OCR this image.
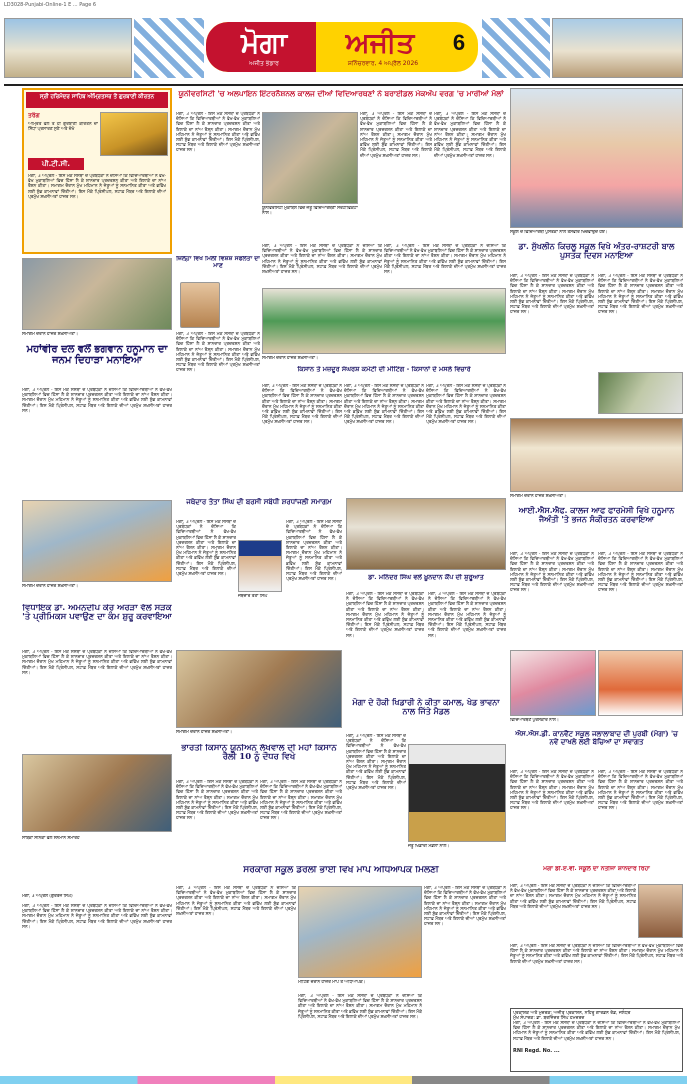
LD3028-Punjabi-Online-1 E ... Page 6
ਮੋਗਾ	ਅਜੀਤ
ਅਜੀਤ ਭੰਡਾਰ	ਸ਼ਨਿੱਚਰਵਾਰ, 4 ਅਪ੍ਰੈਲ 2026
6
ਸ੍ਰੀ ਹਰਿਮੰਦਰ ਸਾਹਿਬ ਅੰਮ੍ਰਿਤਸਰ ਤੋਂ ਗੁਰਬਾਣੀ ਕੀਰਤਨ
ਤਰੰਗ
ਅੰਮ੍ਰਿਤ ਵੇਲੇ ਤੋਂ ਹੀ ਗੁਰਬਾਣੀ ਕੀਰਤਨ ਦਾ ਸਿੱਧਾ ਪ੍ਰਸਾਰਣ ਸੁਣੋ ਅਤੇ ਦੇਖੋ
ਪੀ.ਟੀ.ਸੀ.
ਮੋਗਾ, 3 ਅਪ੍ਰੈਲ - ਇਸ ਮੌਕੇ ਸੰਸਥਾ ਦੇ ਪ੍ਰਬੰਧਕਾਂ ਨੇ ਦੱਸਿਆ ਕਿ ਵਿਦਿਆਰਥੀਆਂ ਨੇ ਵੱਖ-ਵੱਖ ਮੁਕਾਬਲਿਆਂ ਵਿਚ ਹਿੱਸਾ ਲੈ ਕੇ ਸ਼ਾਨਦਾਰ ਪ੍ਰਦਰਸ਼ਨ ਕੀਤਾ ਅਤੇ ਇਲਾਕੇ ਦਾ ਨਾਂਅ ਰੌਸ਼ਨ ਕੀਤਾ। ਸਮਾਗਮ ਦੌਰਾਨ ਮੁੱਖ ਮਹਿਮਾਨ ਨੇ ਜੇਤੂਆਂ ਨੂੰ ਸਨਮਾਨਿਤ ਕੀਤਾ ਅਤੇ ਭਵਿੱਖ ਲਈ ਸ਼ੁੱਭ ਕਾਮਨਾਵਾਂ ਦਿੱਤੀਆਂ। ਇਸ ਮੌਕੇ ਪ੍ਰਿੰਸੀਪਲ, ਸਟਾਫ਼ ਮੈਂਬਰ ਅਤੇ ਇਲਾਕੇ ਦੀਆਂ ਪ੍ਰਮੁੱਖ ਸ਼ਖ਼ਸੀਅਤਾਂ ਹਾਜ਼ਰ ਸਨ।
ਸਮਾਗਮ ਦੌਰਾਨ ਹਾਜ਼ਰ ਸ਼ਖ਼ਸੀਅਤਾਂ।
ਮਹਾਂਵੀਰ ਦਲ ਵਲੋਂ ਭਗਵਾਨ ਹਨੂਮਾਨ ਦਾ ਜਨਮ ਦਿਹਾੜਾ ਮਨਾਇਆ
ਮੋਗਾ, 3 ਅਪ੍ਰੈਲ - ਇਸ ਮੌਕੇ ਸੰਸਥਾ ਦੇ ਪ੍ਰਬੰਧਕਾਂ ਨੇ ਦੱਸਿਆ ਕਿ ਵਿਦਿਆਰਥੀਆਂ ਨੇ ਵੱਖ-ਵੱਖ ਮੁਕਾਬਲਿਆਂ ਵਿਚ ਹਿੱਸਾ ਲੈ ਕੇ ਸ਼ਾਨਦਾਰ ਪ੍ਰਦਰਸ਼ਨ ਕੀਤਾ ਅਤੇ ਇਲਾਕੇ ਦਾ ਨਾਂਅ ਰੌਸ਼ਨ ਕੀਤਾ। ਸਮਾਗਮ ਦੌਰਾਨ ਮੁੱਖ ਮਹਿਮਾਨ ਨੇ ਜੇਤੂਆਂ ਨੂੰ ਸਨਮਾਨਿਤ ਕੀਤਾ ਅਤੇ ਭਵਿੱਖ ਲਈ ਸ਼ੁੱਭ ਕਾਮਨਾਵਾਂ ਦਿੱਤੀਆਂ। ਇਸ ਮੌਕੇ ਪ੍ਰਿੰਸੀਪਲ, ਸਟਾਫ਼ ਮੈਂਬਰ ਅਤੇ ਇਲਾਕੇ ਦੀਆਂ ਪ੍ਰਮੁੱਖ ਸ਼ਖ਼ਸੀਅਤਾਂ ਹਾਜ਼ਰ ਸਨ।
ਸਮਾਗਮ ਦੌਰਾਨ ਹਾਜ਼ਰ ਸ਼ਖ਼ਸੀਅਤਾਂ।
ਵਿਧਾਇਕ ਡਾ. ਅਮਨਦੀਪ ਕੌਰ ਅਰੋੜਾ ਵੱਲੋਂ ਸੜਕ 'ਤੇ ਪ੍ਰੀਮਿਕਸ ਪਵਾਉਣ ਦਾ ਕੰਮ ਸ਼ੁਰੂ ਕਰਵਾਇਆ
ਮੋਗਾ, 3 ਅਪ੍ਰੈਲ - ਇਸ ਮੌਕੇ ਸੰਸਥਾ ਦੇ ਪ੍ਰਬੰਧਕਾਂ ਨੇ ਦੱਸਿਆ ਕਿ ਵਿਦਿਆਰਥੀਆਂ ਨੇ ਵੱਖ-ਵੱਖ ਮੁਕਾਬਲਿਆਂ ਵਿਚ ਹਿੱਸਾ ਲੈ ਕੇ ਸ਼ਾਨਦਾਰ ਪ੍ਰਦਰਸ਼ਨ ਕੀਤਾ ਅਤੇ ਇਲਾਕੇ ਦਾ ਨਾਂਅ ਰੌਸ਼ਨ ਕੀਤਾ। ਸਮਾਗਮ ਦੌਰਾਨ ਮੁੱਖ ਮਹਿਮਾਨ ਨੇ ਜੇਤੂਆਂ ਨੂੰ ਸਨਮਾਨਿਤ ਕੀਤਾ ਅਤੇ ਭਵਿੱਖ ਲਈ ਸ਼ੁੱਭ ਕਾਮਨਾਵਾਂ ਦਿੱਤੀਆਂ। ਇਸ ਮੌਕੇ ਪ੍ਰਿੰਸੀਪਲ, ਸਟਾਫ਼ ਮੈਂਬਰ ਅਤੇ ਇਲਾਕੇ ਦੀਆਂ ਪ੍ਰਮੁੱਖ ਸ਼ਖ਼ਸੀਅਤਾਂ ਹਾਜ਼ਰ ਸਨ।
ਸਾਬਕਾ ਸੈਨਿਕਾਂ ਵੱਲੋਂ ਸਨਮਾਨ ਸਮਾਰੋਹ
ਯੂਨੀਵਰਸਿਟੀ 'ਚ ਅਲਪਾਇਨ ਇੰਟਰਨੈਸ਼ਨਲ ਕਾਲਜ ਦੀਆਂ ਵਿਦਿਆਰਥਣਾਂ ਨੇ ਬਰਾਈਡਲ ਮੇਕਅੱਪ ਵਰਗ 'ਚ ਮਾਰੀਆਂ ਮੱਲਾਂ
ਮੋਗਾ, 3 ਅਪ੍ਰੈਲ - ਇਸ ਮੌਕੇ ਸੰਸਥਾ ਦੇ ਪ੍ਰਬੰਧਕਾਂ ਨੇ ਦੱਸਿਆ ਕਿ ਵਿਦਿਆਰਥੀਆਂ ਨੇ ਵੱਖ-ਵੱਖ ਮੁਕਾਬਲਿਆਂ ਵਿਚ ਹਿੱਸਾ ਲੈ ਕੇ ਸ਼ਾਨਦਾਰ ਪ੍ਰਦਰਸ਼ਨ ਕੀਤਾ ਅਤੇ ਇਲਾਕੇ ਦਾ ਨਾਂਅ ਰੌਸ਼ਨ ਕੀਤਾ। ਸਮਾਗਮ ਦੌਰਾਨ ਮੁੱਖ ਮਹਿਮਾਨ ਨੇ ਜੇਤੂਆਂ ਨੂੰ ਸਨਮਾਨਿਤ ਕੀਤਾ ਅਤੇ ਭਵਿੱਖ ਲਈ ਸ਼ੁੱਭ ਕਾਮਨਾਵਾਂ ਦਿੱਤੀਆਂ। ਇਸ ਮੌਕੇ ਪ੍ਰਿੰਸੀਪਲ, ਸਟਾਫ਼ ਮੈਂਬਰ ਅਤੇ ਇਲਾਕੇ ਦੀਆਂ ਪ੍ਰਮੁੱਖ ਸ਼ਖ਼ਸੀਅਤਾਂ ਹਾਜ਼ਰ ਸਨ।
ਯੂਨੀਵਰਸਿਟੀ ਮੁਕਾਬਲੇ ਵਿਚ ਜੇਤੂ ਵਿਦਿਆਰਥਣਾਂ ਸਰਟੀਫਿਕੇਟਾਂ ਨਾਲ।
ਮੋਗਾ, 3 ਅਪ੍ਰੈਲ - ਇਸ ਮੌਕੇ ਸੰਸਥਾ ਦੇ ਪ੍ਰਬੰਧਕਾਂ ਨੇ ਦੱਸਿਆ ਕਿ ਵਿਦਿਆਰਥੀਆਂ ਨੇ ਵੱਖ-ਵੱਖ ਮੁਕਾਬਲਿਆਂ ਵਿਚ ਹਿੱਸਾ ਲੈ ਕੇ ਸ਼ਾਨਦਾਰ ਪ੍ਰਦਰਸ਼ਨ ਕੀਤਾ ਅਤੇ ਇਲਾਕੇ ਦਾ ਨਾਂਅ ਰੌਸ਼ਨ ਕੀਤਾ। ਸਮਾਗਮ ਦੌਰਾਨ ਮੁੱਖ ਮਹਿਮਾਨ ਨੇ ਜੇਤੂਆਂ ਨੂੰ ਸਨਮਾਨਿਤ ਕੀਤਾ ਅਤੇ ਭਵਿੱਖ ਲਈ ਸ਼ੁੱਭ ਕਾਮਨਾਵਾਂ ਦਿੱਤੀਆਂ। ਇਸ ਮੌਕੇ ਪ੍ਰਿੰਸੀਪਲ, ਸਟਾਫ਼ ਮੈਂਬਰ ਅਤੇ ਇਲਾਕੇ ਦੀਆਂ ਪ੍ਰਮੁੱਖ ਸ਼ਖ਼ਸੀਅਤਾਂ ਹਾਜ਼ਰ ਸਨ।
ਮੋਗਾ, 3 ਅਪ੍ਰੈਲ - ਇਸ ਮੌਕੇ ਸੰਸਥਾ ਦੇ ਪ੍ਰਬੰਧਕਾਂ ਨੇ ਦੱਸਿਆ ਕਿ ਵਿਦਿਆਰਥੀਆਂ ਨੇ ਵੱਖ-ਵੱਖ ਮੁਕਾਬਲਿਆਂ ਵਿਚ ਹਿੱਸਾ ਲੈ ਕੇ ਸ਼ਾਨਦਾਰ ਪ੍ਰਦਰਸ਼ਨ ਕੀਤਾ ਅਤੇ ਇਲਾਕੇ ਦਾ ਨਾਂਅ ਰੌਸ਼ਨ ਕੀਤਾ। ਸਮਾਗਮ ਦੌਰਾਨ ਮੁੱਖ ਮਹਿਮਾਨ ਨੇ ਜੇਤੂਆਂ ਨੂੰ ਸਨਮਾਨਿਤ ਕੀਤਾ ਅਤੇ ਭਵਿੱਖ ਲਈ ਸ਼ੁੱਭ ਕਾਮਨਾਵਾਂ ਦਿੱਤੀਆਂ। ਇਸ ਮੌਕੇ ਪ੍ਰਿੰਸੀਪਲ, ਸਟਾਫ਼ ਮੈਂਬਰ ਅਤੇ ਇਲਾਕੇ ਦੀਆਂ ਪ੍ਰਮੁੱਖ ਸ਼ਖ਼ਸੀਅਤਾਂ ਹਾਜ਼ਰ ਸਨ।
ਜ਼ਿਲ੍ਹਾ ਵਿਖੇ ਮਿਲੀ ਵਿਸ਼ੇਸ਼ ਸਫਲਤਾ ਦਾ ਮਾਣ
ਮੋਗਾ, 3 ਅਪ੍ਰੈਲ - ਇਸ ਮੌਕੇ ਸੰਸਥਾ ਦੇ ਪ੍ਰਬੰਧਕਾਂ ਨੇ ਦੱਸਿਆ ਕਿ ਵਿਦਿਆਰਥੀਆਂ ਨੇ ਵੱਖ-ਵੱਖ ਮੁਕਾਬਲਿਆਂ ਵਿਚ ਹਿੱਸਾ ਲੈ ਕੇ ਸ਼ਾਨਦਾਰ ਪ੍ਰਦਰਸ਼ਨ ਕੀਤਾ ਅਤੇ ਇਲਾਕੇ ਦਾ ਨਾਂਅ ਰੌਸ਼ਨ ਕੀਤਾ। ਸਮਾਗਮ ਦੌਰਾਨ ਮੁੱਖ ਮਹਿਮਾਨ ਨੇ ਜੇਤੂਆਂ ਨੂੰ ਸਨਮਾਨਿਤ ਕੀਤਾ ਅਤੇ ਭਵਿੱਖ ਲਈ ਸ਼ੁੱਭ ਕਾਮਨਾਵਾਂ ਦਿੱਤੀਆਂ। ਇਸ ਮੌਕੇ ਪ੍ਰਿੰਸੀਪਲ, ਸਟਾਫ਼ ਮੈਂਬਰ ਅਤੇ ਇਲਾਕੇ ਦੀਆਂ ਪ੍ਰਮੁੱਖ ਸ਼ਖ਼ਸੀਅਤਾਂ ਹਾਜ਼ਰ ਸਨ।
ਮੋਗਾ, 3 ਅਪ੍ਰੈਲ - ਇਸ ਮੌਕੇ ਸੰਸਥਾ ਦੇ ਪ੍ਰਬੰਧਕਾਂ ਨੇ ਦੱਸਿਆ ਕਿ ਵਿਦਿਆਰਥੀਆਂ ਨੇ ਵੱਖ-ਵੱਖ ਮੁਕਾਬਲਿਆਂ ਵਿਚ ਹਿੱਸਾ ਲੈ ਕੇ ਸ਼ਾਨਦਾਰ ਪ੍ਰਦਰਸ਼ਨ ਕੀਤਾ ਅਤੇ ਇਲਾਕੇ ਦਾ ਨਾਂਅ ਰੌਸ਼ਨ ਕੀਤਾ। ਸਮਾਗਮ ਦੌਰਾਨ ਮੁੱਖ ਮਹਿਮਾਨ ਨੇ ਜੇਤੂਆਂ ਨੂੰ ਸਨਮਾਨਿਤ ਕੀਤਾ ਅਤੇ ਭਵਿੱਖ ਲਈ ਸ਼ੁੱਭ ਕਾਮਨਾਵਾਂ ਦਿੱਤੀਆਂ। ਇਸ ਮੌਕੇ ਪ੍ਰਿੰਸੀਪਲ, ਸਟਾਫ਼ ਮੈਂਬਰ ਅਤੇ ਇਲਾਕੇ ਦੀਆਂ ਪ੍ਰਮੁੱਖ ਸ਼ਖ਼ਸੀਅਤਾਂ ਹਾਜ਼ਰ ਸਨ।
ਮੋਗਾ, 3 ਅਪ੍ਰੈਲ - ਇਸ ਮੌਕੇ ਸੰਸਥਾ ਦੇ ਪ੍ਰਬੰਧਕਾਂ ਨੇ ਦੱਸਿਆ ਕਿ ਵਿਦਿਆਰਥੀਆਂ ਨੇ ਵੱਖ-ਵੱਖ ਮੁਕਾਬਲਿਆਂ ਵਿਚ ਹਿੱਸਾ ਲੈ ਕੇ ਸ਼ਾਨਦਾਰ ਪ੍ਰਦਰਸ਼ਨ ਕੀਤਾ ਅਤੇ ਇਲਾਕੇ ਦਾ ਨਾਂਅ ਰੌਸ਼ਨ ਕੀਤਾ। ਸਮਾਗਮ ਦੌਰਾਨ ਮੁੱਖ ਮਹਿਮਾਨ ਨੇ ਜੇਤੂਆਂ ਨੂੰ ਸਨਮਾਨਿਤ ਕੀਤਾ ਅਤੇ ਭਵਿੱਖ ਲਈ ਸ਼ੁੱਭ ਕਾਮਨਾਵਾਂ ਦਿੱਤੀਆਂ। ਇਸ ਮੌਕੇ ਪ੍ਰਿੰਸੀਪਲ, ਸਟਾਫ਼ ਮੈਂਬਰ ਅਤੇ ਇਲਾਕੇ ਦੀਆਂ ਪ੍ਰਮੁੱਖ ਸ਼ਖ਼ਸੀਅਤਾਂ ਹਾਜ਼ਰ ਸਨ।
ਸਮਾਗਮ ਦੌਰਾਨ ਹਾਜ਼ਰ ਸ਼ਖ਼ਸੀਅਤਾਂ।
ਕਿਸਾਨ ਤੇ ਮਜ਼ਦੂਰ ਸੰਘਰਸ਼ ਕਮੇਟੀ ਦੀ ਮੀਟਿੰਗ - ਕਿਸਾਨਾਂ ਦੇ ਮਸਲੇ ਵਿਚਾਰੇ
ਮੋਗਾ, 3 ਅਪ੍ਰੈਲ - ਇਸ ਮੌਕੇ ਸੰਸਥਾ ਦੇ ਪ੍ਰਬੰਧਕਾਂ ਨੇ ਦੱਸਿਆ ਕਿ ਵਿਦਿਆਰਥੀਆਂ ਨੇ ਵੱਖ-ਵੱਖ ਮੁਕਾਬਲਿਆਂ ਵਿਚ ਹਿੱਸਾ ਲੈ ਕੇ ਸ਼ਾਨਦਾਰ ਪ੍ਰਦਰਸ਼ਨ ਕੀਤਾ ਅਤੇ ਇਲਾਕੇ ਦਾ ਨਾਂਅ ਰੌਸ਼ਨ ਕੀਤਾ। ਸਮਾਗਮ ਦੌਰਾਨ ਮੁੱਖ ਮਹਿਮਾਨ ਨੇ ਜੇਤੂਆਂ ਨੂੰ ਸਨਮਾਨਿਤ ਕੀਤਾ ਅਤੇ ਭਵਿੱਖ ਲਈ ਸ਼ੁੱਭ ਕਾਮਨਾਵਾਂ ਦਿੱਤੀਆਂ। ਇਸ ਮੌਕੇ ਪ੍ਰਿੰਸੀਪਲ, ਸਟਾਫ਼ ਮੈਂਬਰ ਅਤੇ ਇਲਾਕੇ ਦੀਆਂ ਪ੍ਰਮੁੱਖ ਸ਼ਖ਼ਸੀਅਤਾਂ ਹਾਜ਼ਰ ਸਨ।
ਮੋਗਾ, 3 ਅਪ੍ਰੈਲ - ਇਸ ਮੌਕੇ ਸੰਸਥਾ ਦੇ ਪ੍ਰਬੰਧਕਾਂ ਨੇ ਦੱਸਿਆ ਕਿ ਵਿਦਿਆਰਥੀਆਂ ਨੇ ਵੱਖ-ਵੱਖ ਮੁਕਾਬਲਿਆਂ ਵਿਚ ਹਿੱਸਾ ਲੈ ਕੇ ਸ਼ਾਨਦਾਰ ਪ੍ਰਦਰਸ਼ਨ ਕੀਤਾ ਅਤੇ ਇਲਾਕੇ ਦਾ ਨਾਂਅ ਰੌਸ਼ਨ ਕੀਤਾ। ਸਮਾਗਮ ਦੌਰਾਨ ਮੁੱਖ ਮਹਿਮਾਨ ਨੇ ਜੇਤੂਆਂ ਨੂੰ ਸਨਮਾਨਿਤ ਕੀਤਾ ਅਤੇ ਭਵਿੱਖ ਲਈ ਸ਼ੁੱਭ ਕਾਮਨਾਵਾਂ ਦਿੱਤੀਆਂ। ਇਸ ਮੌਕੇ ਪ੍ਰਿੰਸੀਪਲ, ਸਟਾਫ਼ ਮੈਂਬਰ ਅਤੇ ਇਲਾਕੇ ਦੀਆਂ ਪ੍ਰਮੁੱਖ ਸ਼ਖ਼ਸੀਅਤਾਂ ਹਾਜ਼ਰ ਸਨ।
ਮੋਗਾ, 3 ਅਪ੍ਰੈਲ - ਇਸ ਮੌਕੇ ਸੰਸਥਾ ਦੇ ਪ੍ਰਬੰਧਕਾਂ ਨੇ ਦੱਸਿਆ ਕਿ ਵਿਦਿਆਰਥੀਆਂ ਨੇ ਵੱਖ-ਵੱਖ ਮੁਕਾਬਲਿਆਂ ਵਿਚ ਹਿੱਸਾ ਲੈ ਕੇ ਸ਼ਾਨਦਾਰ ਪ੍ਰਦਰਸ਼ਨ ਕੀਤਾ ਅਤੇ ਇਲਾਕੇ ਦਾ ਨਾਂਅ ਰੌਸ਼ਨ ਕੀਤਾ। ਸਮਾਗਮ ਦੌਰਾਨ ਮੁੱਖ ਮਹਿਮਾਨ ਨੇ ਜੇਤੂਆਂ ਨੂੰ ਸਨਮਾਨਿਤ ਕੀਤਾ ਅਤੇ ਭਵਿੱਖ ਲਈ ਸ਼ੁੱਭ ਕਾਮਨਾਵਾਂ ਦਿੱਤੀਆਂ। ਇਸ ਮੌਕੇ ਪ੍ਰਿੰਸੀਪਲ, ਸਟਾਫ਼ ਮੈਂਬਰ ਅਤੇ ਇਲਾਕੇ ਦੀਆਂ ਪ੍ਰਮੁੱਖ ਸ਼ਖ਼ਸੀਅਤਾਂ ਹਾਜ਼ਰ ਸਨ।
ਜਥੇਦਾਰ ਤੋਤਾ ਸਿੰਘ ਦੀ ਬਰਸੀ ਸਬੰਧੀ ਸ਼ਰਧਾਂਜਲੀ ਸਮਾਗਮ
ਮੋਗਾ, 3 ਅਪ੍ਰੈਲ - ਇਸ ਮੌਕੇ ਸੰਸਥਾ ਦੇ ਪ੍ਰਬੰਧਕਾਂ ਨੇ ਦੱਸਿਆ ਕਿ ਵਿਦਿਆਰਥੀਆਂ ਨੇ ਵੱਖ-ਵੱਖ ਮੁਕਾਬਲਿਆਂ ਵਿਚ ਹਿੱਸਾ ਲੈ ਕੇ ਸ਼ਾਨਦਾਰ ਪ੍ਰਦਰਸ਼ਨ ਕੀਤਾ ਅਤੇ ਇਲਾਕੇ ਦਾ ਨਾਂਅ ਰੌਸ਼ਨ ਕੀਤਾ। ਸਮਾਗਮ ਦੌਰਾਨ ਮੁੱਖ ਮਹਿਮਾਨ ਨੇ ਜੇਤੂਆਂ ਨੂੰ ਸਨਮਾਨਿਤ ਕੀਤਾ ਅਤੇ ਭਵਿੱਖ ਲਈ ਸ਼ੁੱਭ ਕਾਮਨਾਵਾਂ ਦਿੱਤੀਆਂ। ਇਸ ਮੌਕੇ ਪ੍ਰਿੰਸੀਪਲ, ਸਟਾਫ਼ ਮੈਂਬਰ ਅਤੇ ਇਲਾਕੇ ਦੀਆਂ ਪ੍ਰਮੁੱਖ ਸ਼ਖ਼ਸੀਅਤਾਂ ਹਾਜ਼ਰ ਸਨ।
ਜਥੇਦਾਰ ਤੋਤਾ ਸਿੰਘ
ਮੋਗਾ, 3 ਅਪ੍ਰੈਲ - ਇਸ ਮੌਕੇ ਸੰਸਥਾ ਦੇ ਪ੍ਰਬੰਧਕਾਂ ਨੇ ਦੱਸਿਆ ਕਿ ਵਿਦਿਆਰਥੀਆਂ ਨੇ ਵੱਖ-ਵੱਖ ਮੁਕਾਬਲਿਆਂ ਵਿਚ ਹਿੱਸਾ ਲੈ ਕੇ ਸ਼ਾਨਦਾਰ ਪ੍ਰਦਰਸ਼ਨ ਕੀਤਾ ਅਤੇ ਇਲਾਕੇ ਦਾ ਨਾਂਅ ਰੌਸ਼ਨ ਕੀਤਾ। ਸਮਾਗਮ ਦੌਰਾਨ ਮੁੱਖ ਮਹਿਮਾਨ ਨੇ ਜੇਤੂਆਂ ਨੂੰ ਸਨਮਾਨਿਤ ਕੀਤਾ ਅਤੇ ਭਵਿੱਖ ਲਈ ਸ਼ੁੱਭ ਕਾਮਨਾਵਾਂ ਦਿੱਤੀਆਂ। ਇਸ ਮੌਕੇ ਪ੍ਰਿੰਸੀਪਲ, ਸਟਾਫ਼ ਮੈਂਬਰ ਅਤੇ ਇਲਾਕੇ ਦੀਆਂ ਪ੍ਰਮੁੱਖ ਸ਼ਖ਼ਸੀਅਤਾਂ ਹਾਜ਼ਰ ਸਨ।
ਸਮਾਗਮ ਦੌਰਾਨ ਹਾਜ਼ਰ ਸ਼ਖ਼ਸੀਅਤਾਂ।
ਡਾ. ਮਨਿੰਦਰ ਸਿੰਘ ਵਲੋਂ ਖ਼ੂਨਦਾਨ ਕੈਂਪ ਦੀ ਸ਼ੁਰੂਆਤ
ਮੋਗਾ, 3 ਅਪ੍ਰੈਲ - ਇਸ ਮੌਕੇ ਸੰਸਥਾ ਦੇ ਪ੍ਰਬੰਧਕਾਂ ਨੇ ਦੱਸਿਆ ਕਿ ਵਿਦਿਆਰਥੀਆਂ ਨੇ ਵੱਖ-ਵੱਖ ਮੁਕਾਬਲਿਆਂ ਵਿਚ ਹਿੱਸਾ ਲੈ ਕੇ ਸ਼ਾਨਦਾਰ ਪ੍ਰਦਰਸ਼ਨ ਕੀਤਾ ਅਤੇ ਇਲਾਕੇ ਦਾ ਨਾਂਅ ਰੌਸ਼ਨ ਕੀਤਾ। ਸਮਾਗਮ ਦੌਰਾਨ ਮੁੱਖ ਮਹਿਮਾਨ ਨੇ ਜੇਤੂਆਂ ਨੂੰ ਸਨਮਾਨਿਤ ਕੀਤਾ ਅਤੇ ਭਵਿੱਖ ਲਈ ਸ਼ੁੱਭ ਕਾਮਨਾਵਾਂ ਦਿੱਤੀਆਂ। ਇਸ ਮੌਕੇ ਪ੍ਰਿੰਸੀਪਲ, ਸਟਾਫ਼ ਮੈਂਬਰ ਅਤੇ ਇਲਾਕੇ ਦੀਆਂ ਪ੍ਰਮੁੱਖ ਸ਼ਖ਼ਸੀਅਤਾਂ ਹਾਜ਼ਰ ਸਨ।
ਮੋਗਾ, 3 ਅਪ੍ਰੈਲ - ਇਸ ਮੌਕੇ ਸੰਸਥਾ ਦੇ ਪ੍ਰਬੰਧਕਾਂ ਨੇ ਦੱਸਿਆ ਕਿ ਵਿਦਿਆਰਥੀਆਂ ਨੇ ਵੱਖ-ਵੱਖ ਮੁਕਾਬਲਿਆਂ ਵਿਚ ਹਿੱਸਾ ਲੈ ਕੇ ਸ਼ਾਨਦਾਰ ਪ੍ਰਦਰਸ਼ਨ ਕੀਤਾ ਅਤੇ ਇਲਾਕੇ ਦਾ ਨਾਂਅ ਰੌਸ਼ਨ ਕੀਤਾ। ਸਮਾਗਮ ਦੌਰਾਨ ਮੁੱਖ ਮਹਿਮਾਨ ਨੇ ਜੇਤੂਆਂ ਨੂੰ ਸਨਮਾਨਿਤ ਕੀਤਾ ਅਤੇ ਭਵਿੱਖ ਲਈ ਸ਼ੁੱਭ ਕਾਮਨਾਵਾਂ ਦਿੱਤੀਆਂ। ਇਸ ਮੌਕੇ ਪ੍ਰਿੰਸੀਪਲ, ਸਟਾਫ਼ ਮੈਂਬਰ ਅਤੇ ਇਲਾਕੇ ਦੀਆਂ ਪ੍ਰਮੁੱਖ ਸ਼ਖ਼ਸੀਅਤਾਂ ਹਾਜ਼ਰ ਸਨ।
ਮੋਗਾ ਦੇ ਹੌਕੀ ਖਿਡਾਰੀ ਨੇ ਕੀਤਾ ਕਮਾਲ, ਖੇਡ ਭਾਵਨਾ ਨਾਲ ਜਿੱਤੇ ਮੈਡਲ
ਭਾਰਤੀ ਕਿਸਾਨ ਯੂਨੀਅਨ ਲੱਖੋਵਾਲ ਦੀ ਮਹਾਂ ਕਿਸਾਨ ਰੈਲੀ 10 ਨੂੰ ਦੌਧਰ ਵਿਖੇ
ਮੋਗਾ, 3 ਅਪ੍ਰੈਲ - ਇਸ ਮੌਕੇ ਸੰਸਥਾ ਦੇ ਪ੍ਰਬੰਧਕਾਂ ਨੇ ਦੱਸਿਆ ਕਿ ਵਿਦਿਆਰਥੀਆਂ ਨੇ ਵੱਖ-ਵੱਖ ਮੁਕਾਬਲਿਆਂ ਵਿਚ ਹਿੱਸਾ ਲੈ ਕੇ ਸ਼ਾਨਦਾਰ ਪ੍ਰਦਰਸ਼ਨ ਕੀਤਾ ਅਤੇ ਇਲਾਕੇ ਦਾ ਨਾਂਅ ਰੌਸ਼ਨ ਕੀਤਾ। ਸਮਾਗਮ ਦੌਰਾਨ ਮੁੱਖ ਮਹਿਮਾਨ ਨੇ ਜੇਤੂਆਂ ਨੂੰ ਸਨਮਾਨਿਤ ਕੀਤਾ ਅਤੇ ਭਵਿੱਖ ਲਈ ਸ਼ੁੱਭ ਕਾਮਨਾਵਾਂ ਦਿੱਤੀਆਂ। ਇਸ ਮੌਕੇ ਪ੍ਰਿੰਸੀਪਲ, ਸਟਾਫ਼ ਮੈਂਬਰ ਅਤੇ ਇਲਾਕੇ ਦੀਆਂ ਪ੍ਰਮੁੱਖ ਸ਼ਖ਼ਸੀਅਤਾਂ ਹਾਜ਼ਰ ਸਨ।
ਮੋਗਾ, 3 ਅਪ੍ਰੈਲ - ਇਸ ਮੌਕੇ ਸੰਸਥਾ ਦੇ ਪ੍ਰਬੰਧਕਾਂ ਨੇ ਦੱਸਿਆ ਕਿ ਵਿਦਿਆਰਥੀਆਂ ਨੇ ਵੱਖ-ਵੱਖ ਮੁਕਾਬਲਿਆਂ ਵਿਚ ਹਿੱਸਾ ਲੈ ਕੇ ਸ਼ਾਨਦਾਰ ਪ੍ਰਦਰਸ਼ਨ ਕੀਤਾ ਅਤੇ ਇਲਾਕੇ ਦਾ ਨਾਂਅ ਰੌਸ਼ਨ ਕੀਤਾ। ਸਮਾਗਮ ਦੌਰਾਨ ਮੁੱਖ ਮਹਿਮਾਨ ਨੇ ਜੇਤੂਆਂ ਨੂੰ ਸਨਮਾਨਿਤ ਕੀਤਾ ਅਤੇ ਭਵਿੱਖ ਲਈ ਸ਼ੁੱਭ ਕਾਮਨਾਵਾਂ ਦਿੱਤੀਆਂ। ਇਸ ਮੌਕੇ ਪ੍ਰਿੰਸੀਪਲ, ਸਟਾਫ਼ ਮੈਂਬਰ ਅਤੇ ਇਲਾਕੇ ਦੀਆਂ ਪ੍ਰਮੁੱਖ ਸ਼ਖ਼ਸੀਅਤਾਂ ਹਾਜ਼ਰ ਸਨ।
ਮੋਗਾ, 3 ਅਪ੍ਰੈਲ - ਇਸ ਮੌਕੇ ਸੰਸਥਾ ਦੇ ਪ੍ਰਬੰਧਕਾਂ ਨੇ ਦੱਸਿਆ ਕਿ ਵਿਦਿਆਰਥੀਆਂ ਨੇ ਵੱਖ-ਵੱਖ ਮੁਕਾਬਲਿਆਂ ਵਿਚ ਹਿੱਸਾ ਲੈ ਕੇ ਸ਼ਾਨਦਾਰ ਪ੍ਰਦਰਸ਼ਨ ਕੀਤਾ ਅਤੇ ਇਲਾਕੇ ਦਾ ਨਾਂਅ ਰੌਸ਼ਨ ਕੀਤਾ। ਸਮਾਗਮ ਦੌਰਾਨ ਮੁੱਖ ਮਹਿਮਾਨ ਨੇ ਜੇਤੂਆਂ ਨੂੰ ਸਨਮਾਨਿਤ ਕੀਤਾ ਅਤੇ ਭਵਿੱਖ ਲਈ ਸ਼ੁੱਭ ਕਾਮਨਾਵਾਂ ਦਿੱਤੀਆਂ। ਇਸ ਮੌਕੇ ਪ੍ਰਿੰਸੀਪਲ, ਸਟਾਫ਼ ਮੈਂਬਰ ਅਤੇ ਇਲਾਕੇ ਦੀਆਂ ਪ੍ਰਮੁੱਖ ਸ਼ਖ਼ਸੀਅਤਾਂ ਹਾਜ਼ਰ ਸਨ।
ਜੇਤੂ ਖਿਡਾਰੀ ਮੈਡਲਾਂ ਨਾਲ।
ਸਰਕਾਰੀ ਸਕੂਲ ਡਰੋਲੀ ਭਾਈ ਵਿਖੇ ਮਾਪੇ ਅਧਿਆਪਕ ਮਿਲਣੀ
ਮੋਗਾ, 3 ਅਪ੍ਰੈਲ - ਇਸ ਮੌਕੇ ਸੰਸਥਾ ਦੇ ਪ੍ਰਬੰਧਕਾਂ ਨੇ ਦੱਸਿਆ ਕਿ ਵਿਦਿਆਰਥੀਆਂ ਨੇ ਵੱਖ-ਵੱਖ ਮੁਕਾਬਲਿਆਂ ਵਿਚ ਹਿੱਸਾ ਲੈ ਕੇ ਸ਼ਾਨਦਾਰ ਪ੍ਰਦਰਸ਼ਨ ਕੀਤਾ ਅਤੇ ਇਲਾਕੇ ਦਾ ਨਾਂਅ ਰੌਸ਼ਨ ਕੀਤਾ। ਸਮਾਗਮ ਦੌਰਾਨ ਮੁੱਖ ਮਹਿਮਾਨ ਨੇ ਜੇਤੂਆਂ ਨੂੰ ਸਨਮਾਨਿਤ ਕੀਤਾ ਅਤੇ ਭਵਿੱਖ ਲਈ ਸ਼ੁੱਭ ਕਾਮਨਾਵਾਂ ਦਿੱਤੀਆਂ। ਇਸ ਮੌਕੇ ਪ੍ਰਿੰਸੀਪਲ, ਸਟਾਫ਼ ਮੈਂਬਰ ਅਤੇ ਇਲਾਕੇ ਦੀਆਂ ਪ੍ਰਮੁੱਖ ਸ਼ਖ਼ਸੀਅਤਾਂ ਹਾਜ਼ਰ ਸਨ।
ਮੀਟਿੰਗ ਦੌਰਾਨ ਹਾਜ਼ਰ ਮਾਪੇ ਤੇ ਅਧਿਆਪਕ।
ਮੋਗਾ, 3 ਅਪ੍ਰੈਲ - ਇਸ ਮੌਕੇ ਸੰਸਥਾ ਦੇ ਪ੍ਰਬੰਧਕਾਂ ਨੇ ਦੱਸਿਆ ਕਿ ਵਿਦਿਆਰਥੀਆਂ ਨੇ ਵੱਖ-ਵੱਖ ਮੁਕਾਬਲਿਆਂ ਵਿਚ ਹਿੱਸਾ ਲੈ ਕੇ ਸ਼ਾਨਦਾਰ ਪ੍ਰਦਰਸ਼ਨ ਕੀਤਾ ਅਤੇ ਇਲਾਕੇ ਦਾ ਨਾਂਅ ਰੌਸ਼ਨ ਕੀਤਾ। ਸਮਾਗਮ ਦੌਰਾਨ ਮੁੱਖ ਮਹਿਮਾਨ ਨੇ ਜੇਤੂਆਂ ਨੂੰ ਸਨਮਾਨਿਤ ਕੀਤਾ ਅਤੇ ਭਵਿੱਖ ਲਈ ਸ਼ੁੱਭ ਕਾਮਨਾਵਾਂ ਦਿੱਤੀਆਂ। ਇਸ ਮੌਕੇ ਪ੍ਰਿੰਸੀਪਲ, ਸਟਾਫ਼ ਮੈਂਬਰ ਅਤੇ ਇਲਾਕੇ ਦੀਆਂ ਪ੍ਰਮੁੱਖ ਸ਼ਖ਼ਸੀਅਤਾਂ ਹਾਜ਼ਰ ਸਨ।
ਮੋਗਾ, 3 ਅਪ੍ਰੈਲ - ਇਸ ਮੌਕੇ ਸੰਸਥਾ ਦੇ ਪ੍ਰਬੰਧਕਾਂ ਨੇ ਦੱਸਿਆ ਕਿ ਵਿਦਿਆਰਥੀਆਂ ਨੇ ਵੱਖ-ਵੱਖ ਮੁਕਾਬਲਿਆਂ ਵਿਚ ਹਿੱਸਾ ਲੈ ਕੇ ਸ਼ਾਨਦਾਰ ਪ੍ਰਦਰਸ਼ਨ ਕੀਤਾ ਅਤੇ ਇਲਾਕੇ ਦਾ ਨਾਂਅ ਰੌਸ਼ਨ ਕੀਤਾ। ਸਮਾਗਮ ਦੌਰਾਨ ਮੁੱਖ ਮਹਿਮਾਨ ਨੇ ਜੇਤੂਆਂ ਨੂੰ ਸਨਮਾਨਿਤ ਕੀਤਾ ਅਤੇ ਭਵਿੱਖ ਲਈ ਸ਼ੁੱਭ ਕਾਮਨਾਵਾਂ ਦਿੱਤੀਆਂ। ਇਸ ਮੌਕੇ ਪ੍ਰਿੰਸੀਪਲ, ਸਟਾਫ਼ ਮੈਂਬਰ ਅਤੇ ਇਲਾਕੇ ਦੀਆਂ ਪ੍ਰਮੁੱਖ ਸ਼ਖ਼ਸੀਅਤਾਂ ਹਾਜ਼ਰ ਸਨ।
ਸਕੂਲ ਦੇ ਵਿਦਿਆਰਥੀ ਪੁਸਤਕਾਂ ਨਾਲ ਤਸਵੀਰ ਖਿਚਵਾਉਂਦੇ ਹੋਏ।
ਡਾ. ਸੁੱਖਲੀਨ ਕਿਚਲੂ ਸਕੂਲ ਵਿਖੇ ਅੰਤਰ-ਰਾਸ਼ਟਰੀ ਬਾਲ ਪੁਸਤਕ ਦਿਵਸ ਮਨਾਇਆ
ਮੋਗਾ, 3 ਅਪ੍ਰੈਲ - ਇਸ ਮੌਕੇ ਸੰਸਥਾ ਦੇ ਪ੍ਰਬੰਧਕਾਂ ਨੇ ਦੱਸਿਆ ਕਿ ਵਿਦਿਆਰਥੀਆਂ ਨੇ ਵੱਖ-ਵੱਖ ਮੁਕਾਬਲਿਆਂ ਵਿਚ ਹਿੱਸਾ ਲੈ ਕੇ ਸ਼ਾਨਦਾਰ ਪ੍ਰਦਰਸ਼ਨ ਕੀਤਾ ਅਤੇ ਇਲਾਕੇ ਦਾ ਨਾਂਅ ਰੌਸ਼ਨ ਕੀਤਾ। ਸਮਾਗਮ ਦੌਰਾਨ ਮੁੱਖ ਮਹਿਮਾਨ ਨੇ ਜੇਤੂਆਂ ਨੂੰ ਸਨਮਾਨਿਤ ਕੀਤਾ ਅਤੇ ਭਵਿੱਖ ਲਈ ਸ਼ੁੱਭ ਕਾਮਨਾਵਾਂ ਦਿੱਤੀਆਂ। ਇਸ ਮੌਕੇ ਪ੍ਰਿੰਸੀਪਲ, ਸਟਾਫ਼ ਮੈਂਬਰ ਅਤੇ ਇਲਾਕੇ ਦੀਆਂ ਪ੍ਰਮੁੱਖ ਸ਼ਖ਼ਸੀਅਤਾਂ ਹਾਜ਼ਰ ਸਨ।
ਮੋਗਾ, 3 ਅਪ੍ਰੈਲ - ਇਸ ਮੌਕੇ ਸੰਸਥਾ ਦੇ ਪ੍ਰਬੰਧਕਾਂ ਨੇ ਦੱਸਿਆ ਕਿ ਵਿਦਿਆਰਥੀਆਂ ਨੇ ਵੱਖ-ਵੱਖ ਮੁਕਾਬਲਿਆਂ ਵਿਚ ਹਿੱਸਾ ਲੈ ਕੇ ਸ਼ਾਨਦਾਰ ਪ੍ਰਦਰਸ਼ਨ ਕੀਤਾ ਅਤੇ ਇਲਾਕੇ ਦਾ ਨਾਂਅ ਰੌਸ਼ਨ ਕੀਤਾ। ਸਮਾਗਮ ਦੌਰਾਨ ਮੁੱਖ ਮਹਿਮਾਨ ਨੇ ਜੇਤੂਆਂ ਨੂੰ ਸਨਮਾਨਿਤ ਕੀਤਾ ਅਤੇ ਭਵਿੱਖ ਲਈ ਸ਼ੁੱਭ ਕਾਮਨਾਵਾਂ ਦਿੱਤੀਆਂ। ਇਸ ਮੌਕੇ ਪ੍ਰਿੰਸੀਪਲ, ਸਟਾਫ਼ ਮੈਂਬਰ ਅਤੇ ਇਲਾਕੇ ਦੀਆਂ ਪ੍ਰਮੁੱਖ ਸ਼ਖ਼ਸੀਅਤਾਂ ਹਾਜ਼ਰ ਸਨ।
ਸਮਾਗਮ ਦੌਰਾਨ ਹਾਜ਼ਰ ਸ਼ਖ਼ਸੀਅਤਾਂ।
ਆਈ.ਐਸ.ਐਫ. ਕਾਲਜ ਆਫ ਫਾਰਮੇਸੀ ਵਿਖੇ ਹਨੂਮਾਨ ਜੈਅੰਤੀ 'ਤੇ ਭਜਨ ਸੰਕੀਰਤਨ ਕਰਵਾਇਆ
ਮੋਗਾ, 3 ਅਪ੍ਰੈਲ - ਇਸ ਮੌਕੇ ਸੰਸਥਾ ਦੇ ਪ੍ਰਬੰਧਕਾਂ ਨੇ ਦੱਸਿਆ ਕਿ ਵਿਦਿਆਰਥੀਆਂ ਨੇ ਵੱਖ-ਵੱਖ ਮੁਕਾਬਲਿਆਂ ਵਿਚ ਹਿੱਸਾ ਲੈ ਕੇ ਸ਼ਾਨਦਾਰ ਪ੍ਰਦਰਸ਼ਨ ਕੀਤਾ ਅਤੇ ਇਲਾਕੇ ਦਾ ਨਾਂਅ ਰੌਸ਼ਨ ਕੀਤਾ। ਸਮਾਗਮ ਦੌਰਾਨ ਮੁੱਖ ਮਹਿਮਾਨ ਨੇ ਜੇਤੂਆਂ ਨੂੰ ਸਨਮਾਨਿਤ ਕੀਤਾ ਅਤੇ ਭਵਿੱਖ ਲਈ ਸ਼ੁੱਭ ਕਾਮਨਾਵਾਂ ਦਿੱਤੀਆਂ। ਇਸ ਮੌਕੇ ਪ੍ਰਿੰਸੀਪਲ, ਸਟਾਫ਼ ਮੈਂਬਰ ਅਤੇ ਇਲਾਕੇ ਦੀਆਂ ਪ੍ਰਮੁੱਖ ਸ਼ਖ਼ਸੀਅਤਾਂ ਹਾਜ਼ਰ ਸਨ।
ਮੋਗਾ, 3 ਅਪ੍ਰੈਲ - ਇਸ ਮੌਕੇ ਸੰਸਥਾ ਦੇ ਪ੍ਰਬੰਧਕਾਂ ਨੇ ਦੱਸਿਆ ਕਿ ਵਿਦਿਆਰਥੀਆਂ ਨੇ ਵੱਖ-ਵੱਖ ਮੁਕਾਬਲਿਆਂ ਵਿਚ ਹਿੱਸਾ ਲੈ ਕੇ ਸ਼ਾਨਦਾਰ ਪ੍ਰਦਰਸ਼ਨ ਕੀਤਾ ਅਤੇ ਇਲਾਕੇ ਦਾ ਨਾਂਅ ਰੌਸ਼ਨ ਕੀਤਾ। ਸਮਾਗਮ ਦੌਰਾਨ ਮੁੱਖ ਮਹਿਮਾਨ ਨੇ ਜੇਤੂਆਂ ਨੂੰ ਸਨਮਾਨਿਤ ਕੀਤਾ ਅਤੇ ਭਵਿੱਖ ਲਈ ਸ਼ੁੱਭ ਕਾਮਨਾਵਾਂ ਦਿੱਤੀਆਂ। ਇਸ ਮੌਕੇ ਪ੍ਰਿੰਸੀਪਲ, ਸਟਾਫ਼ ਮੈਂਬਰ ਅਤੇ ਇਲਾਕੇ ਦੀਆਂ ਪ੍ਰਮੁੱਖ ਸ਼ਖ਼ਸੀਅਤਾਂ ਹਾਜ਼ਰ ਸਨ।
ਵਿਦਿਆਰਥਣ ਪੁਰਸਕਾਰ ਨਾਲ।
ਐਸ.ਐਸ.ਡੀ. ਕਾਨਵੈਂਟ ਸਕੂਲ ਜਲਾਲਾਬਾਦ ਦੀ ਪੁਰਬੀ (ਮੋਗਾ) 'ਚ ਨਵੇਂ ਦਾਖਲੇ ਲਈ ਬੱਚਿਆਂ ਦਾ ਸਵਾਗਤ
ਮੋਗਾ, 3 ਅਪ੍ਰੈਲ - ਇਸ ਮੌਕੇ ਸੰਸਥਾ ਦੇ ਪ੍ਰਬੰਧਕਾਂ ਨੇ ਦੱਸਿਆ ਕਿ ਵਿਦਿਆਰਥੀਆਂ ਨੇ ਵੱਖ-ਵੱਖ ਮੁਕਾਬਲਿਆਂ ਵਿਚ ਹਿੱਸਾ ਲੈ ਕੇ ਸ਼ਾਨਦਾਰ ਪ੍ਰਦਰਸ਼ਨ ਕੀਤਾ ਅਤੇ ਇਲਾਕੇ ਦਾ ਨਾਂਅ ਰੌਸ਼ਨ ਕੀਤਾ। ਸਮਾਗਮ ਦੌਰਾਨ ਮੁੱਖ ਮਹਿਮਾਨ ਨੇ ਜੇਤੂਆਂ ਨੂੰ ਸਨਮਾਨਿਤ ਕੀਤਾ ਅਤੇ ਭਵਿੱਖ ਲਈ ਸ਼ੁੱਭ ਕਾਮਨਾਵਾਂ ਦਿੱਤੀਆਂ। ਇਸ ਮੌਕੇ ਪ੍ਰਿੰਸੀਪਲ, ਸਟਾਫ਼ ਮੈਂਬਰ ਅਤੇ ਇਲਾਕੇ ਦੀਆਂ ਪ੍ਰਮੁੱਖ ਸ਼ਖ਼ਸੀਅਤਾਂ ਹਾਜ਼ਰ ਸਨ।
ਮੋਗਾ, 3 ਅਪ੍ਰੈਲ - ਇਸ ਮੌਕੇ ਸੰਸਥਾ ਦੇ ਪ੍ਰਬੰਧਕਾਂ ਨੇ ਦੱਸਿਆ ਕਿ ਵਿਦਿਆਰਥੀਆਂ ਨੇ ਵੱਖ-ਵੱਖ ਮੁਕਾਬਲਿਆਂ ਵਿਚ ਹਿੱਸਾ ਲੈ ਕੇ ਸ਼ਾਨਦਾਰ ਪ੍ਰਦਰਸ਼ਨ ਕੀਤਾ ਅਤੇ ਇਲਾਕੇ ਦਾ ਨਾਂਅ ਰੌਸ਼ਨ ਕੀਤਾ। ਸਮਾਗਮ ਦੌਰਾਨ ਮੁੱਖ ਮਹਿਮਾਨ ਨੇ ਜੇਤੂਆਂ ਨੂੰ ਸਨਮਾਨਿਤ ਕੀਤਾ ਅਤੇ ਭਵਿੱਖ ਲਈ ਸ਼ੁੱਭ ਕਾਮਨਾਵਾਂ ਦਿੱਤੀਆਂ। ਇਸ ਮੌਕੇ ਪ੍ਰਿੰਸੀਪਲ, ਸਟਾਫ਼ ਮੈਂਬਰ ਅਤੇ ਇਲਾਕੇ ਦੀਆਂ ਪ੍ਰਮੁੱਖ ਸ਼ਖ਼ਸੀਅਤਾਂ ਹਾਜ਼ਰ ਸਨ।
ਮੋਗਾ ਡੀ.ਏ.ਵੀ. ਸਕੂਲ ਦਾ ਨਤੀਜਾ ਸ਼ਾਨਦਾਰ ਰਿਹਾ
ਮੋਗਾ, 3 ਅਪ੍ਰੈਲ - ਇਸ ਮੌਕੇ ਸੰਸਥਾ ਦੇ ਪ੍ਰਬੰਧਕਾਂ ਨੇ ਦੱਸਿਆ ਕਿ ਵਿਦਿਆਰਥੀਆਂ ਨੇ ਵੱਖ-ਵੱਖ ਮੁਕਾਬਲਿਆਂ ਵਿਚ ਹਿੱਸਾ ਲੈ ਕੇ ਸ਼ਾਨਦਾਰ ਪ੍ਰਦਰਸ਼ਨ ਕੀਤਾ ਅਤੇ ਇਲਾਕੇ ਦਾ ਨਾਂਅ ਰੌਸ਼ਨ ਕੀਤਾ। ਸਮਾਗਮ ਦੌਰਾਨ ਮੁੱਖ ਮਹਿਮਾਨ ਨੇ ਜੇਤੂਆਂ ਨੂੰ ਸਨਮਾਨਿਤ ਕੀਤਾ ਅਤੇ ਭਵਿੱਖ ਲਈ ਸ਼ੁੱਭ ਕਾਮਨਾਵਾਂ ਦਿੱਤੀਆਂ। ਇਸ ਮੌਕੇ ਪ੍ਰਿੰਸੀਪਲ, ਸਟਾਫ਼ ਮੈਂਬਰ ਅਤੇ ਇਲਾਕੇ ਦੀਆਂ ਪ੍ਰਮੁੱਖ ਸ਼ਖ਼ਸੀਅਤਾਂ ਹਾਜ਼ਰ ਸਨ।
ਮੋਗਾ, 3 ਅਪ੍ਰੈਲ - ਇਸ ਮੌਕੇ ਸੰਸਥਾ ਦੇ ਪ੍ਰਬੰਧਕਾਂ ਨੇ ਦੱਸਿਆ ਕਿ ਵਿਦਿਆਰਥੀਆਂ ਨੇ ਵੱਖ-ਵੱਖ ਮੁਕਾਬਲਿਆਂ ਵਿਚ ਹਿੱਸਾ ਲੈ ਕੇ ਸ਼ਾਨਦਾਰ ਪ੍ਰਦਰਸ਼ਨ ਕੀਤਾ ਅਤੇ ਇਲਾਕੇ ਦਾ ਨਾਂਅ ਰੌਸ਼ਨ ਕੀਤਾ। ਸਮਾਗਮ ਦੌਰਾਨ ਮੁੱਖ ਮਹਿਮਾਨ ਨੇ ਜੇਤੂਆਂ ਨੂੰ ਸਨਮਾਨਿਤ ਕੀਤਾ ਅਤੇ ਭਵਿੱਖ ਲਈ ਸ਼ੁੱਭ ਕਾਮਨਾਵਾਂ ਦਿੱਤੀਆਂ। ਇਸ ਮੌਕੇ ਪ੍ਰਿੰਸੀਪਲ, ਸਟਾਫ਼ ਮੈਂਬਰ ਅਤੇ ਇਲਾਕੇ ਦੀਆਂ ਪ੍ਰਮੁੱਖ ਸ਼ਖ਼ਸੀਅਤਾਂ ਹਾਜ਼ਰ ਸਨ।
ਪ੍ਰਕਾਸ਼ਕ ਅਤੇ ਮੁਦਰਕ: ਅਜੀਤ ਪ੍ਰਕਾਸ਼ਨ, ਨਹਿਰੂ ਗਾਰਡਨ ਰੋਡ, ਜਲੰਧਰ
ਮੁੱਖ ਸੰਪਾਦਕ: ਡਾ. ਬਰਜਿੰਦਰ ਸਿੰਘ ਹਮਦਰਦ
ਮੋਗਾ, 3 ਅਪ੍ਰੈਲ - ਇਸ ਮੌਕੇ ਸੰਸਥਾ ਦੇ ਪ੍ਰਬੰਧਕਾਂ ਨੇ ਦੱਸਿਆ ਕਿ ਵਿਦਿਆਰਥੀਆਂ ਨੇ ਵੱਖ-ਵੱਖ ਮੁਕਾਬਲਿਆਂ ਵਿਚ ਹਿੱਸਾ ਲੈ ਕੇ ਸ਼ਾਨਦਾਰ ਪ੍ਰਦਰਸ਼ਨ ਕੀਤਾ ਅਤੇ ਇਲਾਕੇ ਦਾ ਨਾਂਅ ਰੌਸ਼ਨ ਕੀਤਾ। ਸਮਾਗਮ ਦੌਰਾਨ ਮੁੱਖ ਮਹਿਮਾਨ ਨੇ ਜੇਤੂਆਂ ਨੂੰ ਸਨਮਾਨਿਤ ਕੀਤਾ ਅਤੇ ਭਵਿੱਖ ਲਈ ਸ਼ੁੱਭ ਕਾਮਨਾਵਾਂ ਦਿੱਤੀਆਂ। ਇਸ ਮੌਕੇ ਪ੍ਰਿੰਸੀਪਲ, ਸਟਾਫ਼ ਮੈਂਬਰ ਅਤੇ ਇਲਾਕੇ ਦੀਆਂ ਪ੍ਰਮੁੱਖ ਸ਼ਖ਼ਸੀਅਤਾਂ ਹਾਜ਼ਰ ਸਨ।
RNI Regd. No. ...
ਮੋਗਾ, 3 ਅਪ੍ਰੈਲ (ਗੁਰਤੇਜ ਸਿੰਘ)
ਮੋਗਾ, 3 ਅਪ੍ਰੈਲ - ਇਸ ਮੌਕੇ ਸੰਸਥਾ ਦੇ ਪ੍ਰਬੰਧਕਾਂ ਨੇ ਦੱਸਿਆ ਕਿ ਵਿਦਿਆਰਥੀਆਂ ਨੇ ਵੱਖ-ਵੱਖ ਮੁਕਾਬਲਿਆਂ ਵਿਚ ਹਿੱਸਾ ਲੈ ਕੇ ਸ਼ਾਨਦਾਰ ਪ੍ਰਦਰਸ਼ਨ ਕੀਤਾ ਅਤੇ ਇਲਾਕੇ ਦਾ ਨਾਂਅ ਰੌਸ਼ਨ ਕੀਤਾ। ਸਮਾਗਮ ਦੌਰਾਨ ਮੁੱਖ ਮਹਿਮਾਨ ਨੇ ਜੇਤੂਆਂ ਨੂੰ ਸਨਮਾਨਿਤ ਕੀਤਾ ਅਤੇ ਭਵਿੱਖ ਲਈ ਸ਼ੁੱਭ ਕਾਮਨਾਵਾਂ ਦਿੱਤੀਆਂ। ਇਸ ਮੌਕੇ ਪ੍ਰਿੰਸੀਪਲ, ਸਟਾਫ਼ ਮੈਂਬਰ ਅਤੇ ਇਲਾਕੇ ਦੀਆਂ ਪ੍ਰਮੁੱਖ ਸ਼ਖ਼ਸੀਅਤਾਂ ਹਾਜ਼ਰ ਸਨ।
